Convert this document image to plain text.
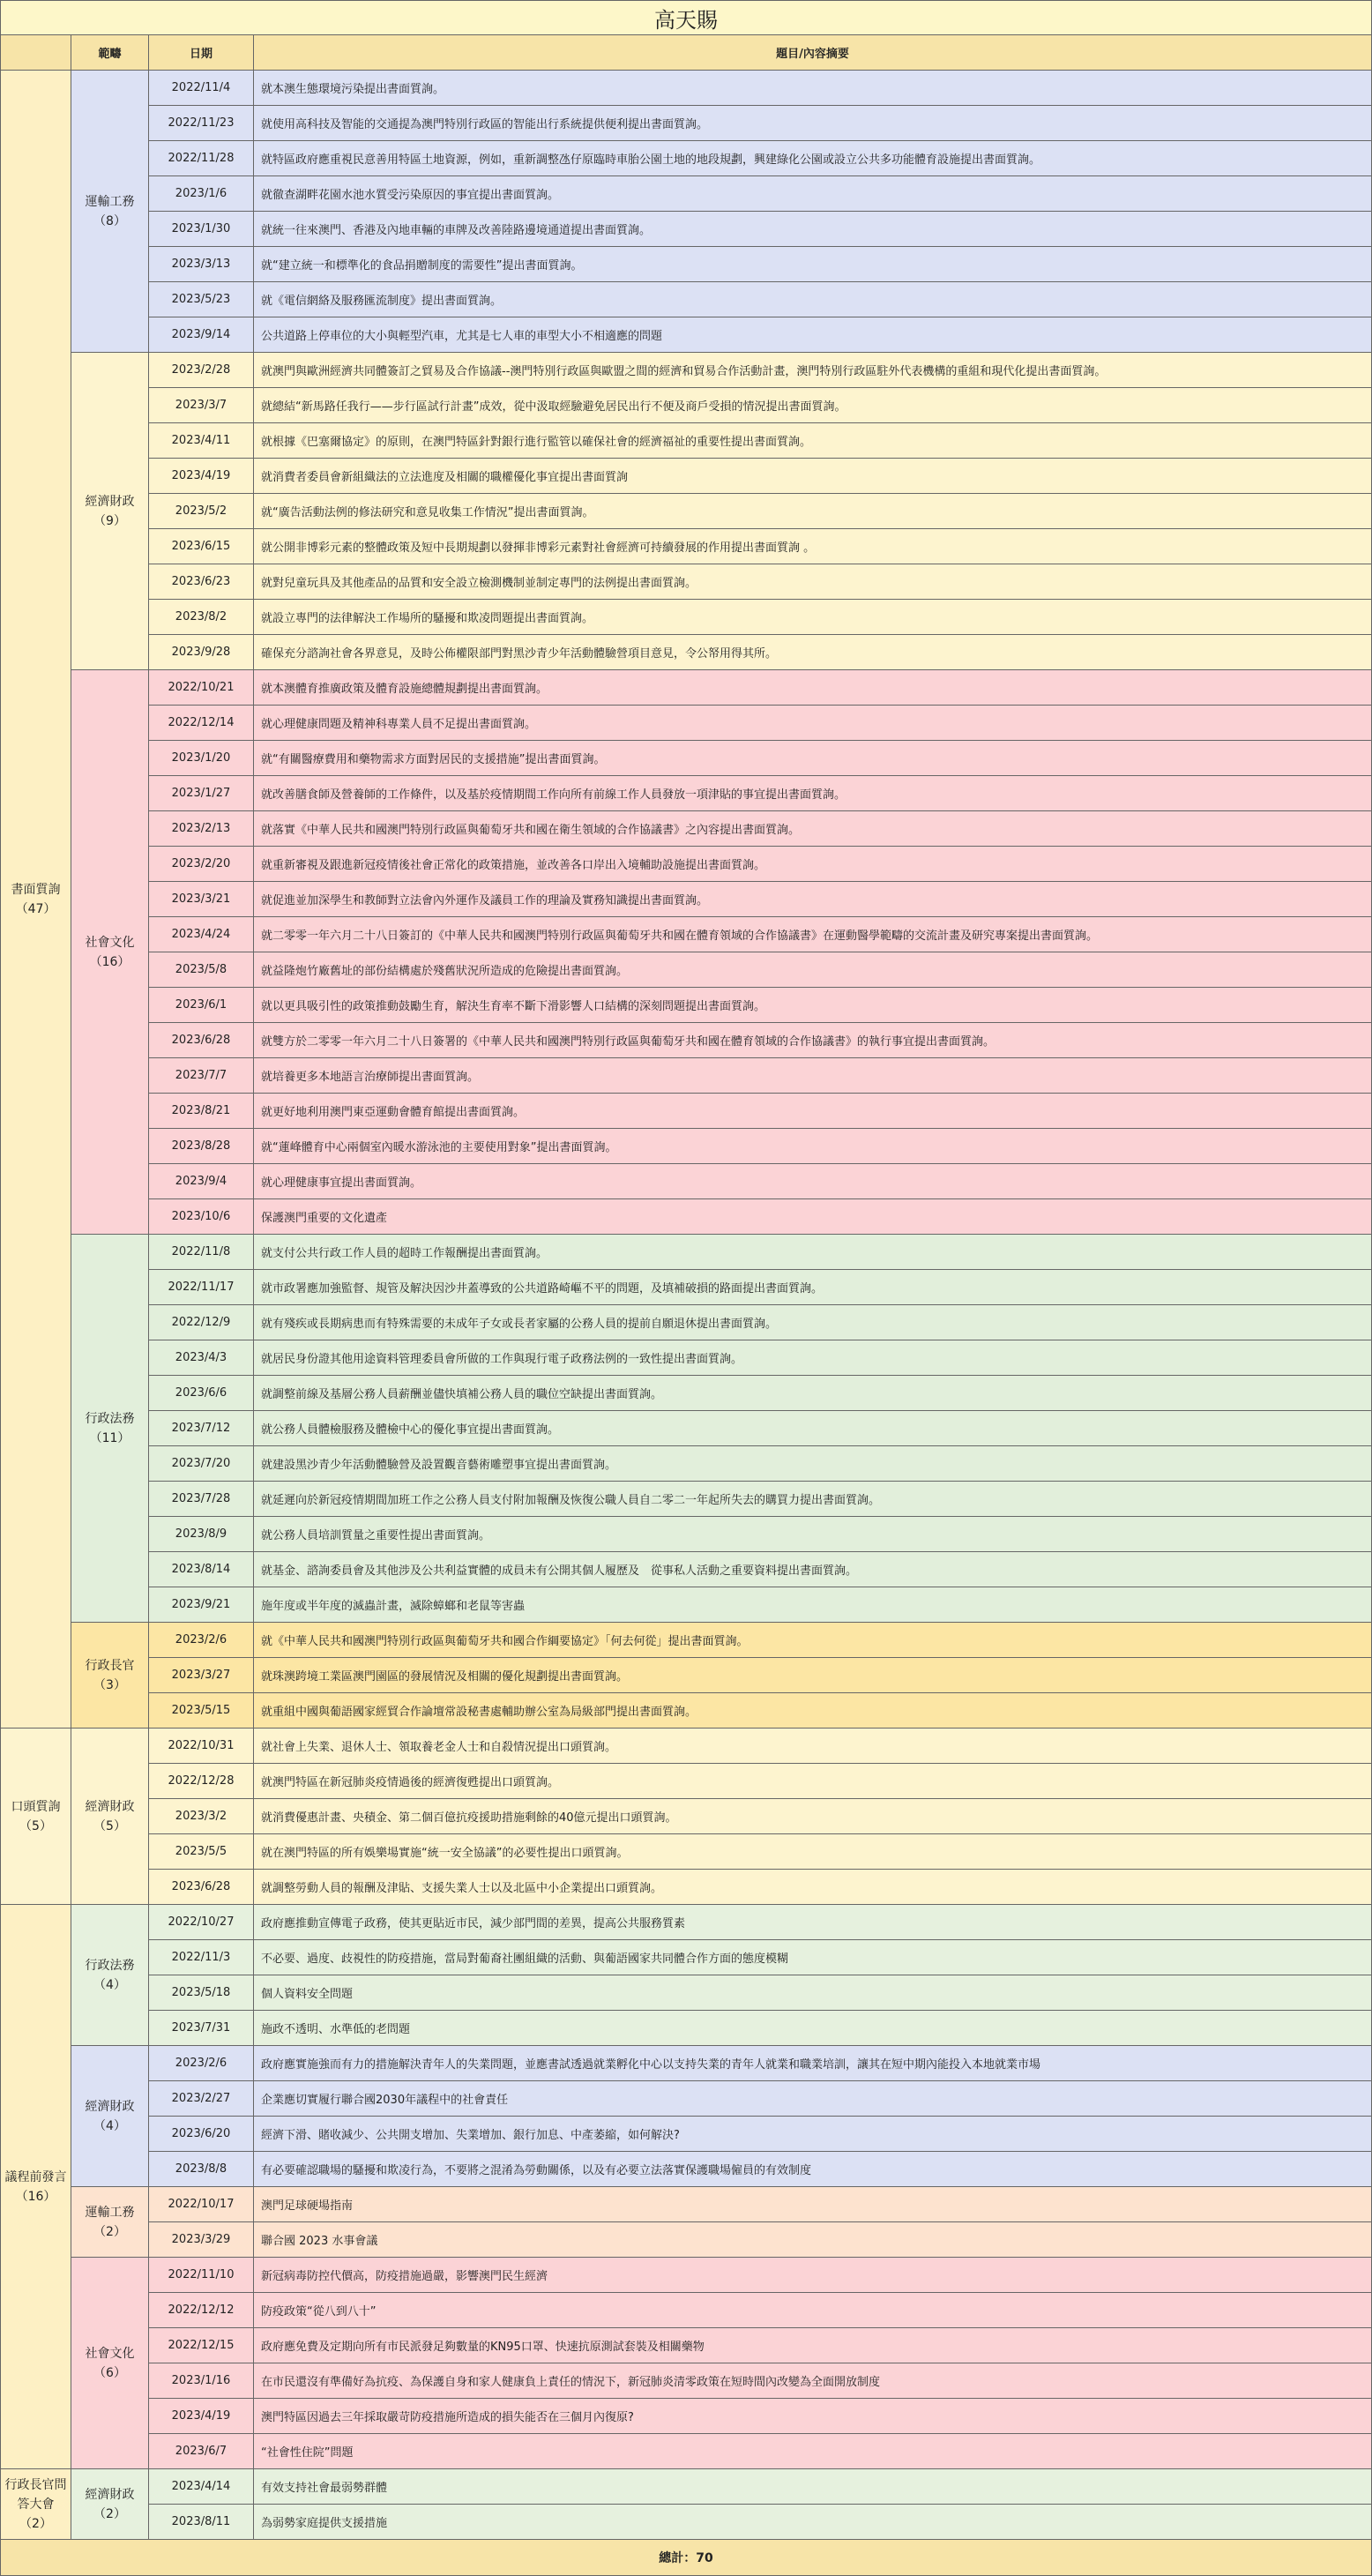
高天賜			
	範疇	日期	題目/內容摘要
書面質詢（47）	運輸工務（8）	2022/11/4	就本澳生態環境污染提出書面質詢。
		2022/11/23	就使用高科技及智能的交通提為澳門特別行政區的智能出行系統提供便利提出書面質詢。
		2022/11/28	就特區政府應重視民意善用特區土地資源，例如，重新調整氹仔原臨時車胎公園土地的地段規劃，興建綠化公園或設立公共多功能體育設施提出書面質詢。
		2023/1/6	就徹查湖畔花園水池水質受污染原因的事宜提出書面質詢。
		2023/1/30	就統一往來澳門、香港及內地車輛的車牌及改善陸路邊境通道提出書面質詢。
		2023/3/13	就“建立統一和標準化的食品捐贈制度的需要性”提出書面質詢。
		2023/5/23	就《電信網絡及服務匯流制度》提出書面質詢。
		2023/9/14	公共道路上停車位的大小與輕型汽車，尤其是七人車的車型大小不相適應的問題
	經濟財政（9）	2023/2/28	就澳門與歐洲經濟共同體簽訂之貿易及合作協議--澳門特別行政區與歐盟之間的經濟和貿易合作活動計畫，澳門特別行政區駐外代表機構的重組和現代化提出書面質詢。
		2023/3/7	就總結“新馬路任我行——步行區試行計畫”成效，從中汲取經驗避免居民出行不便及商戶受損的情況提出書面質詢。
		2023/4/11	就根據《巴塞爾協定》的原則，在澳門特區針對銀行進行監管以確保社會的經濟福祉的重要性提出書面質詢。
		2023/4/19	就消費者委員會新組織法的立法進度及相關的職權優化事宜提出書面質詢
		2023/5/2	就“廣告活動法例的修法研究和意見收集工作情況”提出書面質詢。
		2023/6/15	就公開非博彩元素的整體政策及短中長期規劃以發揮非博彩元素對社會經濟可持續發展的作用提出書面質詢 。
		2023/6/23	就對兒童玩具及其他產品的品質和安全設立檢測機制並制定專門的法例提出書面質詢。
		2023/8/2	就設立專門的法律解決工作場所的騷擾和欺凌問題提出書面質詢。
		2023/9/28	確保充分諮詢社會各界意見，及時公佈權限部門對黑沙青少年活動體驗營項目意見，令公帑用得其所。
	社會文化（16）	2022/10/21	就本澳體育推廣政策及體育設施總體規劃提出書面質詢。
		2022/12/14	就心理健康問題及精神科專業人員不足提出書面質詢。
		2023/1/20	就“有關醫療費用和藥物需求方面對居民的支援措施”提出書面質詢。
		2023/1/27	就改善膳食師及營養師的工作條件，以及基於疫情期間工作向所有前線工作人員發放一項津貼的事宜提出書面質詢。
		2023/2/13	就落實《中華人民共和國澳門特別行政區與葡萄牙共和國在衛生領域的合作協議書》之內容提出書面質詢。
		2023/2/20	就重新審視及跟進新冠疫情後社會正常化的政策措施，並改善各口岸出入境輔助設施提出書面質詢。
		2023/3/21	就促進並加深學生和教師對立法會內外運作及議員工作的理論及實務知識提出書面質詢。
		2023/4/24	就二零零一年六月二十八日簽訂的《中華人民共和國澳門特別行政區與葡萄牙共和國在體育領域的合作協議書》在運動醫學範疇的交流計畫及研究專案提出書面質詢。
		2023/5/8	就益隆炮竹廠舊址的部份結構處於殘舊狀況所造成的危險提出書面質詢。
		2023/6/1	就以更具吸引性的政策推動鼓勵生育，解決生育率不斷下滑影響人口結構的深刻問題提出書面質詢。
		2023/6/28	就雙方於二零零一年六月二十八日簽署的《中華人民共和國澳門特別行政區與葡萄牙共和國在體育領域的合作協議書》的執行事宜提出書面質詢。
		2023/7/7	就培養更多本地語言治療師提出書面質詢。
		2023/8/21	就更好地利用澳門東亞運動會體育館提出書面質詢。
		2023/8/28	就“蓮峰體育中心兩個室內暖水游泳池的主要使用對象”提出書面質詢。
		2023/9/4	就心理健康事宜提出書面質詢。
		2023/10/6	保護澳門重要的文化遺產
	行政法務（11）	2022/11/8	就支付公共行政工作人員的超時工作報酬提出書面質詢。
		2022/11/17	就市政署應加強監督、規管及解決因沙井蓋導致的公共道路崎嶇不平的問題，及填補破損的路面提出書面質詢。
		2022/12/9	就有殘疾或長期病患而有特殊需要的未成年子女或長者家屬的公務人員的提前自願退休提出書面質詢。
		2023/4/3	就居民身份證其他用途資料管理委員會所做的工作與現行電子政務法例的一致性提出書面質詢。
		2023/6/6	就調整前線及基層公務人員薪酬並儘快填補公務人員的職位空缺提出書面質詢。
		2023/7/12	就公務人員體檢服務及體檢中心的優化事宜提出書面質詢。
		2023/7/20	就建設黑沙青少年活動體驗營及設置觀音藝術雕塑事宜提出書面質詢。
		2023/7/28	就延遲向於新冠疫情期間加班工作之公務人員支付附加報酬及恢復公職人員自二零二一年起所失去的購買力提出書面質詢。
		2023/8/9	就公務人員培訓質量之重要性提出書面質詢。
		2023/8/14	就基金、諮詢委員會及其他涉及公共利益實體的成員未有公開其個人履歷及　從事私人活動之重要資料提出書面質詢。
		2023/9/21	施年度或半年度的滅蟲計畫，滅除蟑螂和老鼠等害蟲
	行政長官（3）	2023/2/6	就《中華人民共和國澳門特別行政區與葡萄牙共和國合作綱要協定》「何去何從」提出書面質詢。
		2023/3/27	就珠澳跨境工業區澳門園區的發展情況及相關的優化規劃提出書面質詢。
		2023/5/15	就重組中國與葡語國家經貿合作論壇常設秘書處輔助辦公室為局級部門提出書面質詢。
口頭質詢（5）	經濟財政（5）	2022/10/31	就社會上失業、退休人士、領取養老金人士和自殺情況提出口頭質詢。
		2022/12/28	就澳門特區在新冠肺炎疫情過後的經濟復甦提出口頭質詢。
		2023/3/2	就消費優惠計畫、央積金、第二個百億抗疫援助措施剩餘的40億元提出口頭質詢。
		2023/5/5	就在澳門特區的所有娛樂場實施“統一安全協議”的必要性提出口頭質詢。
		2023/6/28	就調整勞動人員的報酬及津貼、支援失業人士以及北區中小企業提出口頭質詢。
議程前發言（16）	行政法務（4）	2022/10/27	政府應推動宣傳電子政務，使其更貼近市民，減少部門間的差異，提高公共服務質素
		2022/11/3	不必要、過度、歧視性的防疫措施，當局對葡裔社團組織的活動、與葡語國家共同體合作方面的態度模糊
		2023/5/18	個人資料安全問題
		2023/7/31	施政不透明、水準低的老問題
	經濟財政（4）	2023/2/6	政府應實施強而有力的措施解決青年人的失業問題，並應書試透過就業孵化中心以支持失業的青年人就業和職業培訓，讓其在短中期內能投入本地就業市場
		2023/2/27	企業應切實履行聯合國2030年議程中的社會責任
		2023/6/20	經濟下滑、賭收減少、公共開支增加、失業增加、銀行加息、中產萎縮，如何解決?
		2023/8/8	有必要確認職場的騷擾和欺凌行為，不要將之混淆為勞動關係，以及有必要立法落實保護職場僱員的有效制度
	運輸工務（2）	2022/10/17	澳門足球硬場指南
		2023/3/29	聯合國 2023 水事會議
	社會文化（6）	2022/11/10	新冠病毒防控代價高，防疫措施過嚴，影響澳門民生經濟
		2022/12/12	防疫政策“從八到八十”
		2022/12/15	政府應免費及定期向所有市民派發足夠數量的KN95口罩、快速抗原測試套裝及相關藥物
		2023/1/16	在市民還沒有準備好為抗疫、為保護自身和家人健康負上責任的情況下，新冠肺炎清零政策在短時間內改變為全面開放制度
		2023/4/19	澳門特區因過去三年採取嚴苛防疫措施所造成的損失能否在三個月內復原?
		2023/6/7	“社會性住院”問題
行政長官問答大會（2）	經濟財政（2）	2023/4/14	有效支持社會最弱勢群體
		2023/8/11	為弱勢家庭提供支援措施
總計：70			
